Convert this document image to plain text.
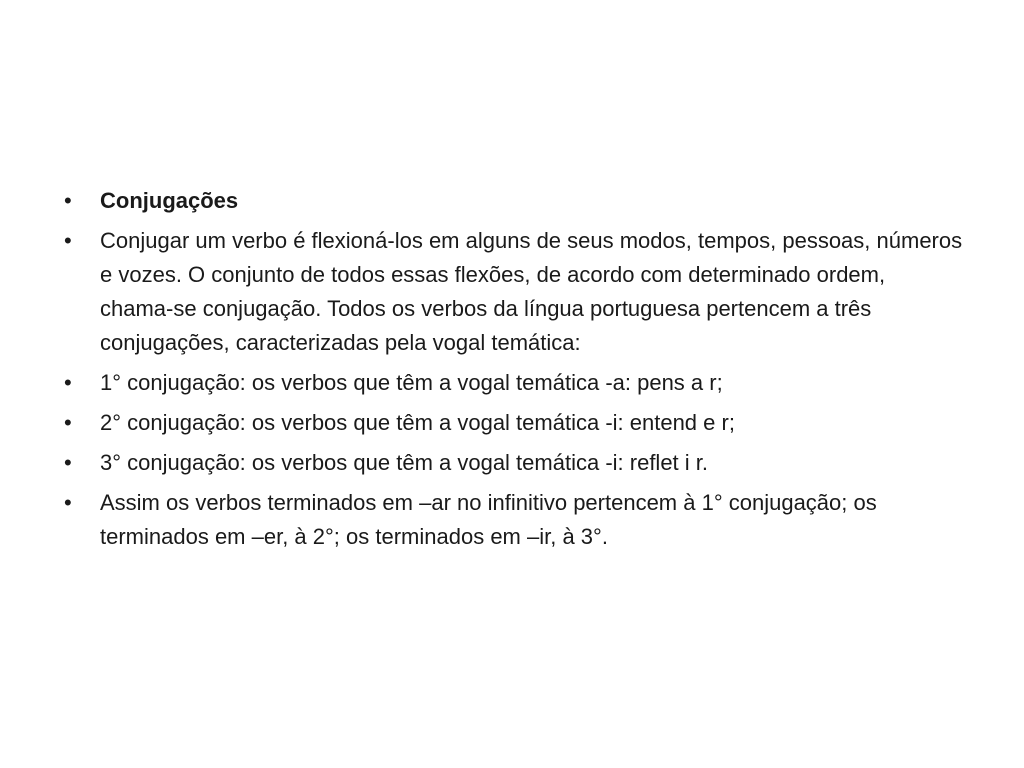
•	Conjugações
•	Conjugar um verbo é flexioná-los em alguns de seus modos, tempos, pessoas, números e vozes. O conjunto de todos essas flexões, de acordo com determinado ordem, chama-se conjugação. Todos os verbos da língua portuguesa pertencem a três conjugações, caracterizadas pela vogal temática:
•	1° conjugação: os verbos que têm a vogal temática -a: pens a r;
•	2° conjugação: os verbos que têm a vogal temática -i: entend e r;
•	3° conjugação: os verbos que têm a vogal temática -i: reflet i r.
•	Assim os verbos terminados em –ar no infinitivo pertencem à 1° conjugação; os terminados em –er, à 2°; os terminados em –ir, à 3°.
